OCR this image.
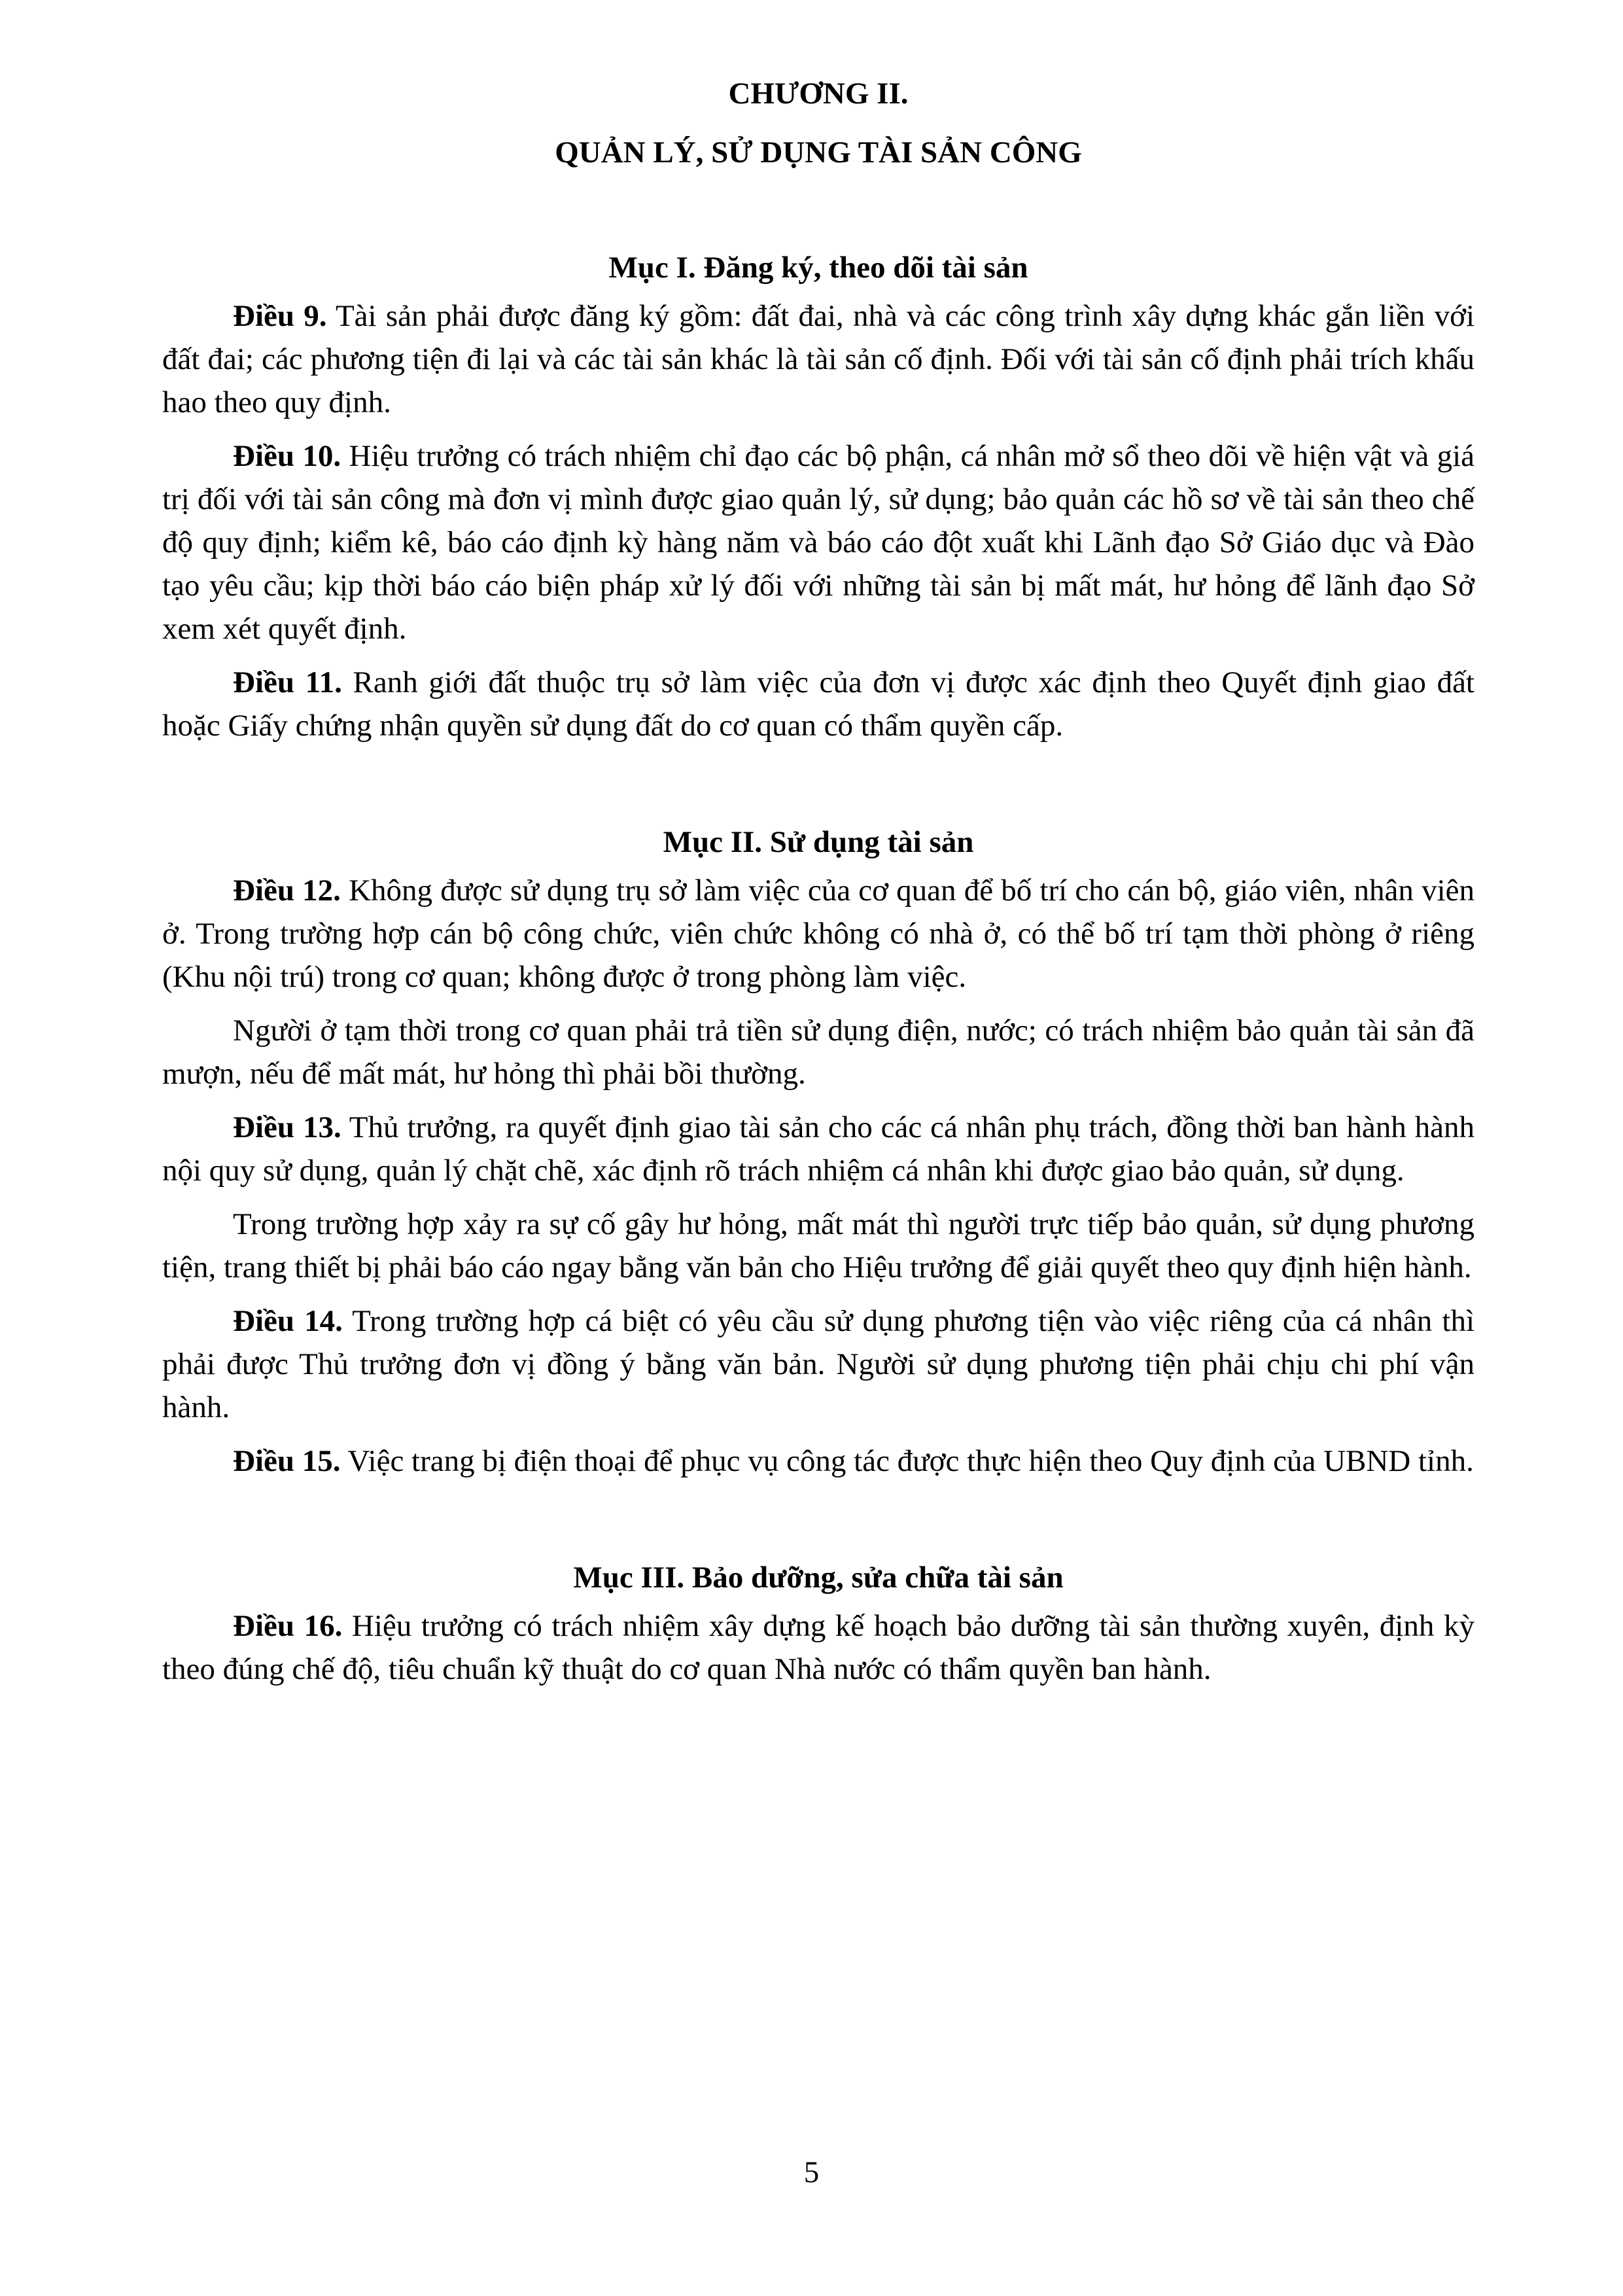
CHƯƠNG II.

QUẢN LÝ, SỬ DỤNG TÀI SẢN CÔNG

Mục I. Đăng ký, theo dõi tài sản

Điều 9. Tài sản phải được đăng ký gồm: đất đai, nhà và các công trình xây dựng khác gắn liền với đất đai; các phương tiện đi lại và các tài sản khác là tài sản cố định. Đối với tài sản cố định phải trích khấu hao theo quy định.

Điều 10. Hiệu trưởng có trách nhiệm chỉ đạo các bộ phận, cá nhân mở sổ theo dõi về hiện vật và giá trị đối với tài sản công mà đơn vị mình được giao quản lý, sử dụng; bảo quản các hồ sơ về tài sản theo chế độ quy định; kiểm kê, báo cáo định kỳ hàng năm và báo cáo đột xuất khi Lãnh đạo Sở Giáo dục và Đào tạo yêu cầu; kịp thời báo cáo biện pháp xử lý đối với những tài sản bị mất mát, hư hỏng để lãnh đạo Sở xem xét quyết định.

Điều 11. Ranh giới đất thuộc trụ sở làm việc của đơn vị được xác định theo Quyết định giao đất hoặc Giấy chứng nhận quyền sử dụng đất do cơ quan có thẩm quyền cấp.

Mục II. Sử dụng tài sản

Điều 12. Không được sử dụng trụ sở làm việc của cơ quan để bố trí cho cán bộ, giáo viên, nhân viên ở. Trong trường hợp cán bộ công chức, viên chức không có nhà ở, có thể bố trí tạm thời phòng ở riêng (Khu nội trú) trong cơ quan; không được ở trong phòng làm việc.

Người ở tạm thời trong cơ quan phải trả tiền sử dụng điện, nước; có trách nhiệm bảo quản tài sản đã mượn, nếu để mất mát, hư hỏng thì phải bồi thường.

Điều 13. Thủ trưởng, ra quyết định giao tài sản cho các cá nhân phụ trách, đồng thời ban hành hành nội quy sử dụng, quản lý chặt chẽ, xác định rõ trách nhiệm cá nhân khi được giao bảo quản, sử dụng.

Trong trường hợp xảy ra sự cố gây hư hỏng, mất mát thì người trực tiếp bảo quản, sử dụng phương tiện, trang thiết bị phải báo cáo ngay bằng văn bản cho Hiệu trưởng để giải quyết theo quy định hiện hành.

Điều 14. Trong trường hợp cá biệt có yêu cầu sử dụng phương tiện vào việc riêng của cá nhân thì phải được Thủ trưởng đơn vị đồng ý bằng văn bản. Người sử dụng phương tiện phải chịu chi phí vận hành.

Điều 15. Việc trang bị điện thoại để phục vụ công tác được thực hiện theo Quy định của UBND tỉnh.

Mục III. Bảo dưỡng, sửa chữa tài sản

Điều 16. Hiệu trưởng có trách nhiệm xây dựng kế hoạch bảo dưỡng tài sản thường xuyên, định kỳ theo đúng chế độ, tiêu chuẩn kỹ thuật do cơ quan Nhà nước có thẩm quyền ban hành.

5
